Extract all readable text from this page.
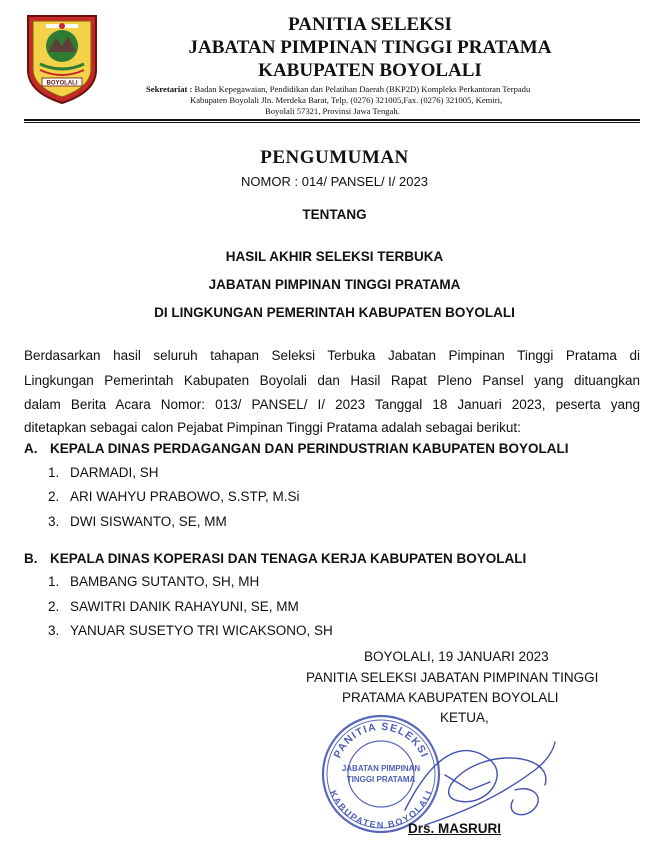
BOYOLALI
PANITIA SELEKSI
JABATAN PIMPINAN TINGGI PRATAMA
KABUPATEN BOYOLALI
Sekretariat : Badan Kepegawaian, Pendidikan dan Pelatihan Daerah (BKP2D) Kompleks Perkantoran Terpadu
Kabupaten Boyolali Jln. Merdeka Barat, Telp. (0276) 321005,Fax. (0276) 321005, Kemiri,
Boyolali 57321, Provinsi Jawa Tengah.
PENGUMUMAN
NOMOR : 014/ PANSEL/ I/ 2023
TENTANG
HASIL AKHIR SELEKSI TERBUKA
JABATAN PIMPINAN TINGGI PRATAMA
DI LINGKUNGAN PEMERINTAH KABUPATEN BOYOLALI
Berdasarkan hasil seluruh tahapan Seleksi Terbuka Jabatan Pimpinan Tinggi Pratama di
Lingkungan Pemerintah Kabupaten Boyolali dan Hasil Rapat Pleno Pansel yang dituangkan
dalam Berita Acara Nomor: 013/ PANSEL/ I/ 2023 Tanggal 18 Januari 2023, peserta yang
ditetapkan sebagai calon Pejabat Pimpinan Tinggi Pratama adalah sebagai berikut:
A. KEPALA DINAS PERDAGANGAN DAN PERINDUSTRIAN KABUPATEN BOYOLALI
1. DARMADI, SH
2. ARI WAHYU PRABOWO, S.STP, M.Si
3. DWI SISWANTO, SE, MM
B. KEPALA DINAS KOPERASI DAN TENAGA KERJA KABUPATEN BOYOLALI
1. BAMBANG SUTANTO, SH, MH
2. SAWITRI DANIK RAHAYUNI, SE, MM
3. YANUAR SUSETYO TRI WICAKSONO, SH
BOYOLALI, 19 JANUARI 2023
PANITIA SELEKSI JABATAN PIMPINAN TINGGI
PRATAMA KABUPATEN BOYOLALI
KETUA,
PANITIA SELEKSI
KABUPATEN BOYOLALI
JABATAN PIMPINAN
TINGGI PRATAMA
Drs. MASRURI
